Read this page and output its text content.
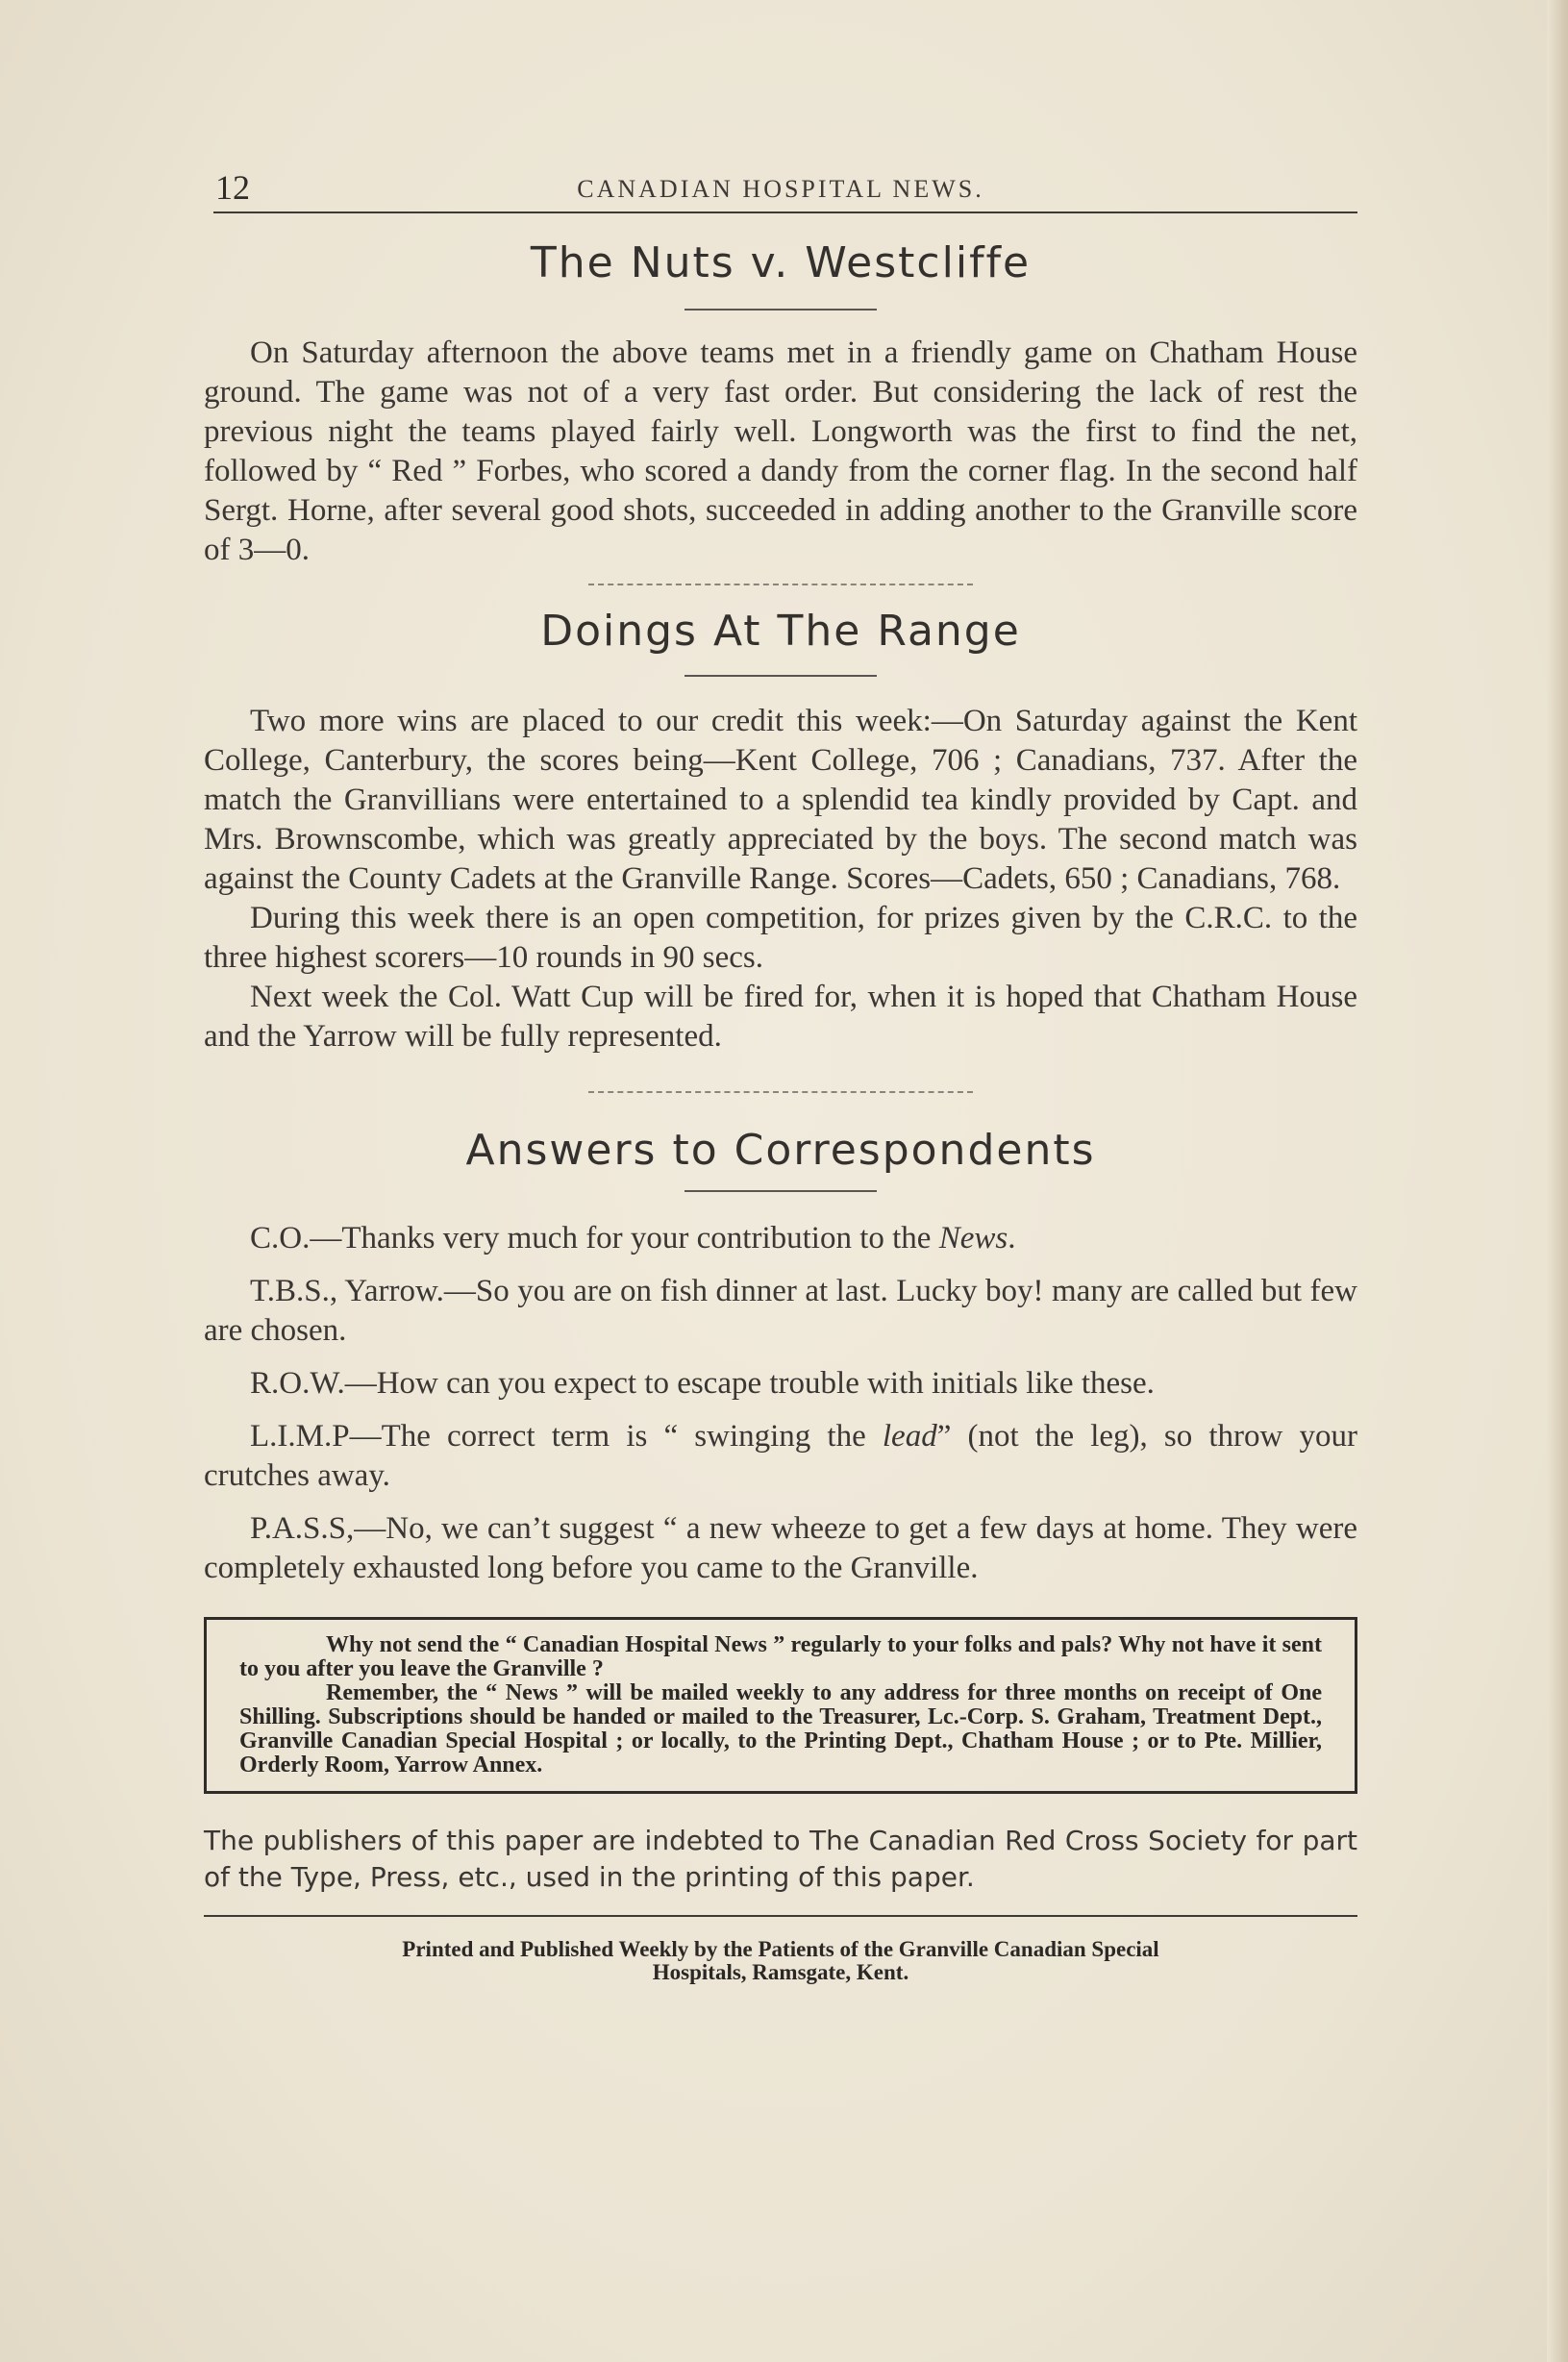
12	CANADIAN HOSPITAL NEWS.
The Nuts v. Westcliffe

On Saturday afternoon the above teams met in a friendly game on Chatham House ground. The game was not of a very fast order. But considering the lack of rest the previous night the teams played fairly well. Longworth was the first to find the net, followed by “ Red ” Forbes, who scored a dandy from the corner flag. In the second half Sergt. Horne, after several good shots, succeeded in adding another to the Granville score of 3—0.

Doings At The Range

Two more wins are placed to our credit this week:—On Saturday against the Kent College, Canterbury, the scores being—Kent College, 706 ; Canadians, 737. After the match the Granvillians were entertained to a splendid tea kindly provided by Capt. and Mrs. Brownscombe, which was greatly appreciated by the boys. The second match was against the County Cadets at the Granville Range. Scores—Cadets, 650 ; Canadians, 768.

During this week there is an open competition, for prizes given by the C.R.C. to the three highest scorers—10 rounds in 90 secs.

Next week the Col. Watt Cup will be fired for, when it is hoped that Chatham House and the Yarrow will be fully represented.

Answers to Correspondents

C.O.—Thanks very much for your contribution to the News.

T.B.S., Yarrow.—So you are on fish dinner at last. Lucky boy! many are called but few are chosen.

R.O.W.—How can you expect to escape trouble with initials like these.

L.I.M.P—The correct term is “ swinging the lead” (not the leg), so throw your crutches away.

P.A.S.S,—No, we can’t suggest “ a new wheeze to get a few days at home. They were completely exhausted long before you came to the Granville.

Why not send the “ Canadian Hospital News ” regularly to your folks and pals? Why not have it sent to you after you leave the Granville ?
Remember, the “ News ” will be mailed weekly to any address for three months on receipt of One Shilling. Subscriptions should be handed or mailed to the Treasurer, Lc.-Corp. S. Graham, Treatment Dept., Granville Canadian Special Hospital ; or locally, to the Printing Dept., Chatham House ; or to Pte. Millier, Orderly Room, Yarrow Annex.

The publishers of this paper are indebted to The Canadian Red Cross Society for part of the Type, Press, etc., used in the printing of this paper.

Printed and Published Weekly by the Patients of the Granville Canadian Special
Hospitals, Ramsgate, Kent.
